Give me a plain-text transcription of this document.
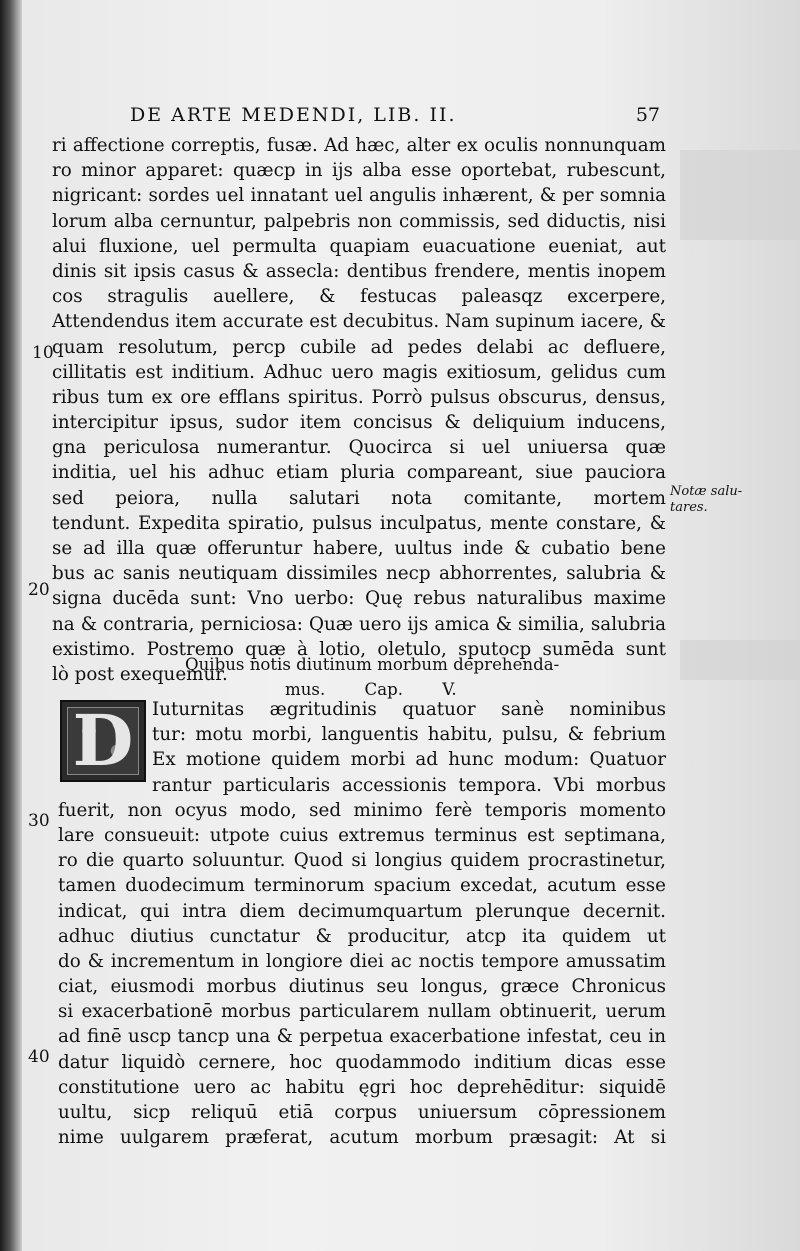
DE ARTE MEDENDI, LIB. II.	57
ri affectione correptis, fusæ. Ad hæc, alter ex oculis nonnunquam
ro minor apparet: quæcp in ijs alba esse oportebat, rubescunt,
nigricant: sordes uel innatant uel angulis inhærent, & per somnia
lorum alba cernuntur, palpebris non commissis, sed diductis, nisi
alui fluxione, uel permulta quapiam euacuatione eueniat, aut
dinis sit ipsis casus & assecla: dentibus frendere, mentis inopem
cos stragulis auellere, & festucas paleasqz excerpere,
Attendendus item accurate est decubitus. Nam supinum iacere, &
quam resolutum, percp cubile ad pedes delabi ac defluere,
cillitatis est inditium. Adhuc uero magis exitiosum, gelidus cum
ribus tum ex ore efflans spiritus. Porrò pulsus obscurus, densus,
intercipitur ipsus, sudor item concisus & deliquium inducens,
gna periculosa numerantur. Quocirca si uel uniuersa quæ
inditia, uel his adhuc etiam pluria compareant, siue pauciora
sed peiora, nulla salutari nota comitante, mortem
tendunt. Expedita spiratio, pulsus inculpatus, mente constare, &
se ad illa quæ offeruntur habere, uultus inde & cubatio bene
bus ac sanis neutiquam dissimiles necp abhorrentes, salubria &
signa ducēda sunt: Vno uerbo: Quę rebus naturalibus maxime
na & contraria, perniciosa: Quæ uero ijs amica & similia, salubria
existimo. Postremo quæ à lotio, oletulo, sputocp sumēda sunt
lò post exequemur.
Quibus notis diutinum morbum deprehenda-
mus. Cap. V.
D	Iuturnitas ægritudinis quatuor sanè nominibus
tur: motu morbi, languentis habitu, pulsu, & febrium
Ex motione quidem morbi ad hunc modum: Quatuor
rantur particularis accessionis tempora. Vbi morbus
fuerit, non ocyus modo, sed minimo ferè temporis momento
lare consueuit: utpote cuius extremus terminus est septimana,
ro die quarto soluuntur. Quod si longius quidem procrastinetur,
tamen duodecimum terminorum spacium excedat, acutum esse
indicat, qui intra diem decimumquartum plerunque decernit.
adhuc diutius cunctatur & producitur, atcp ita quidem ut
do & incrementum in longiore diei ac noctis tempore amussatim
ciat, eiusmodi morbus diutinus seu longus, græce Chronicus
si exacerbationē morbus particularem nullam obtinuerit, uerum
ad finē uscp tancp una & perpetua exacerbatione infestat, ceu in
datur liquidò cernere, hoc quodammodo inditium dicas esse
constitutione uero ac habitu ęgri hoc deprehēditur: siquidē
uultu, sicp reliquū etiā corpus uniuersum cōpressionem
nime uulgarem præferat, acutum morbum præsagit: At si
10
20
30
40
Notæ salu-
tares.
